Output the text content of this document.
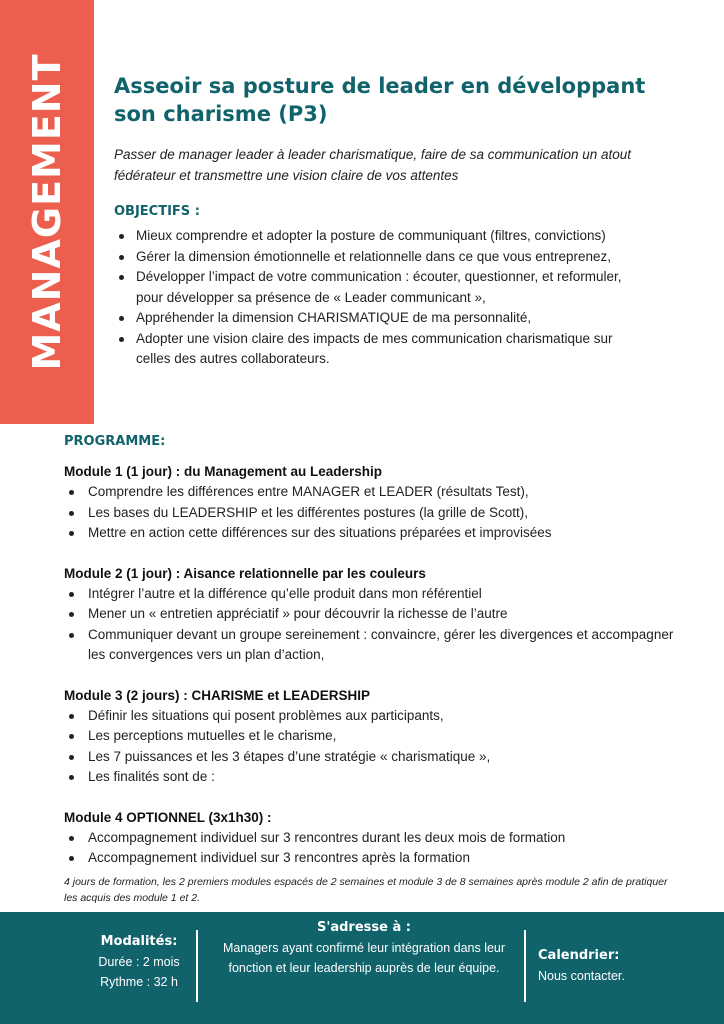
MANAGEMENT Asseoir sa posture de leader en développant son charisme (P3)

Passer de manager leader à leader charismatique, faire de sa communication un atout fédérateur et transmettre une vision claire de vos attentes

OBJECTIFS :
Mieux comprendre et adopter la posture de communiquant (filtres, convictions)
Gérer la dimension émotionnelle et relationnelle dans ce que vous entreprenez,
Développer l’impact de votre communication : écouter, questionner, et reformuler, pour développer sa présence de « Leader communicant »,
Appréhender la dimension CHARISMATIQUE de ma personnalité,
Adopter une vision claire des impacts de mes communication charismatique sur celles des autres collaborateurs.
PROGRAMME:

Module 1 (1 jour) : du Management au Leadership

Comprendre les différences entre MANAGER et LEADER (résultats Test),
Les bases du LEADERSHIP et les différentes postures (la grille de Scott),
Mettre en action cette différences sur des situations préparées et improvisées

Module 2 (1 jour) : Aisance relationnelle par les couleurs

Intégrer l’autre et la différence qu’elle produit dans mon référentiel
Mener un « entretien appréciatif » pour découvrir la richesse de l’autre
Communiquer devant un groupe sereinement : convaincre, gérer les divergences et accompagner les convergences vers un plan d’action,

Module 3 (2 jours) : CHARISME et LEADERSHIP

Définir les situations qui posent problèmes aux participants,
Les perceptions mutuelles et le charisme,
Les 7 puissances et les 3 étapes d’une stratégie « charismatique »,
Les finalités sont de :

Module 4 OPTIONNEL (3x1h30) :

Accompagnement individuel sur 3 rencontres durant les deux mois de formation
Accompagnement individuel sur 3 rencontres après la formation

4 jours de formation, les 2 premiers modules espacés de 2 semaines et module 3 de 8 semaines après module 2 afin de pratiquer les acquis des module 1 et 2.

Modalités:

Durée : 2 mois

Rythme : 32 h

S'adresse à :

Managers ayant confirmé leur intégration dans leur fonction et leur leadership auprès de leur équipe.

Calendrier:

Nous contacter.
